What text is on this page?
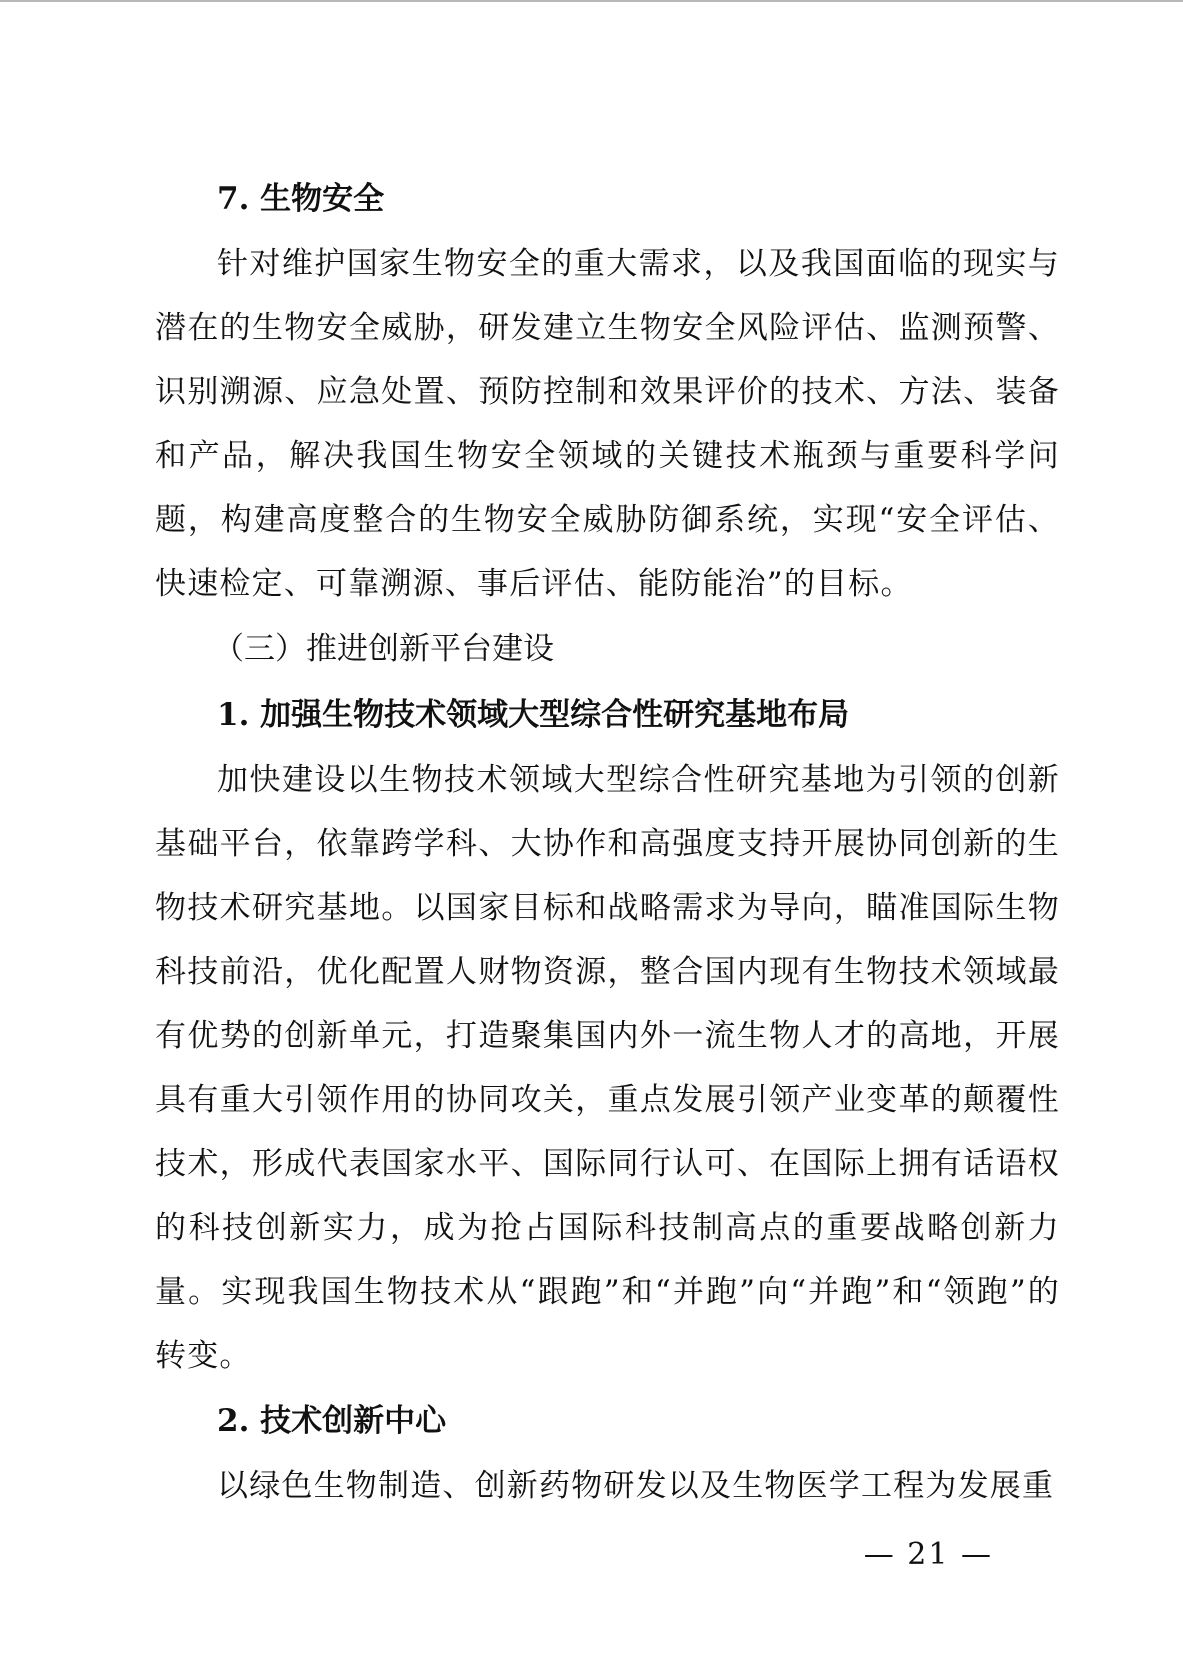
7. 生物安全

针对维护国家生物安全的重大需求，以及我国面临的现实与潜在的生物安全威胁，研发建立生物安全风险评估、监测预警、识别溯源、应急处置、预防控制和效果评价的技术、方法、装备和产品，解决我国生物安全领域的关键技术瓶颈与重要科学问题，构建高度整合的生物安全威胁防御系统，实现“安全评估、快速检定、可靠溯源、事后评估、能防能治”的目标。

（三）推进创新平台建设
1. 加强生物技术领域大型综合性研究基地布局

加快建设以生物技术领域大型综合性研究基地为引领的创新基础平台，依靠跨学科、大协作和高强度支持开展协同创新的生物技术研究基地。以国家目标和战略需求为导向，瞄准国际生物科技前沿，优化配置人财物资源，整合国内现有生物技术领域最有优势的创新单元，打造聚集国内外一流生物人才的高地，开展具有重大引领作用的协同攻关，重点发展引领产业变革的颠覆性技术，形成代表国家水平、国际同行认可、在国际上拥有话语权的科技创新实力，成为抢占国际科技制高点的重要战略创新力量。实现我国生物技术从“跟跑”和“并跑”向“并跑”和“领跑”的转变。

2. 技术创新中心

以绿色生物制造、创新药物研发以及生物医学工程为发展重

— 21 —
